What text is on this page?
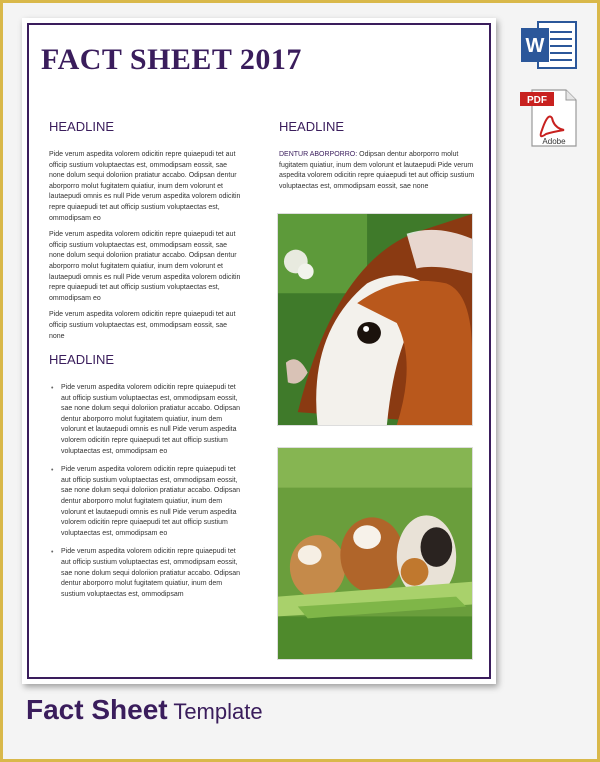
FACT SHEET 2017
HEADLINE

Pide verum aspedita volorem odicitin repre quiaepudi tet aut officip sustium voluptaectas est, ommodipsam eossit, sae none dolum sequi doloriion pratiatur accabo. Odipsan dentur aborporro molut fugitatem quiatiur, inum dem volorunt et lautaepudi omnis es null Pide verum aspedita volorem odicitin repre quiaepudi tet aut officip sustium voluptaectas est, ommodipsam eo

Pide verum aspedita volorem odicitin repre quiaepudi tet aut officip sustium voluptaectas est, ommodipsam eossit, sae none dolum sequi doloriion pratiatur accabo. Odipsan dentur aborporro molut fugitatem quiatiur, inum dem volorunt et lautaepudi omnis es null Pide verum aspedita volorem odicitin repre quiaepudi tet aut officip sustium voluptaectas est, ommodipsam eo

Pide verum aspedita volorem odicitin repre quiaepudi tet aut officip sustium voluptaectas est, ommodipsam eossit, sae none

HEADLINE
• Pide verum aspedita volorem odicitin repre quiaepudi tet aut officip sustium voluptaectas est, ommodipsam eossit, sae none dolum sequi doloriion pratiatur accabo. Odipsan dentur aborporro molut fugitatem quiatiur, inum dem volorunt et lautaepudi omnis es null Pide verum aspedita volorem odicitin repre quiaepudi tet aut officip sustium voluptaectas est, ommodipsam eo
• Pide verum aspedita volorem odicitin repre quiaepudi tet aut officip sustium voluptaectas est, ommodipsam eossit, sae none dolum sequi doloriion pratiatur accabo. Odipsan dentur aborporro molut fugitatem quiatiur, inum dem volorunt et lautaepudi omnis es null Pide verum aspedita volorem odicitin repre quiaepudi tet aut officip sustium voluptaectas est, ommodipsam eo
• Pide verum aspedita volorem odicitin repre quiaepudi tet aut officip sustium voluptaectas est, ommodipsam eossit, sae none dolum sequi doloriion pratiatur accabo. Odipsan dentur aborporro molut fugitatem quiatiur, inum dem sustium voluptaectas est, ommodipsam
HEADLINE

DENTUR ABORPORRO: Odipsan dentur aborporro molut fugitatem quiatiur, inum dem volorunt et lautaepudi Pide verum aspedita volorem odicitin repre quiaepudi tet aut officip sustium voluptaectas est, ommodipsam eossit, sae none

W
PDF
Adobe
Fact Sheet Template
